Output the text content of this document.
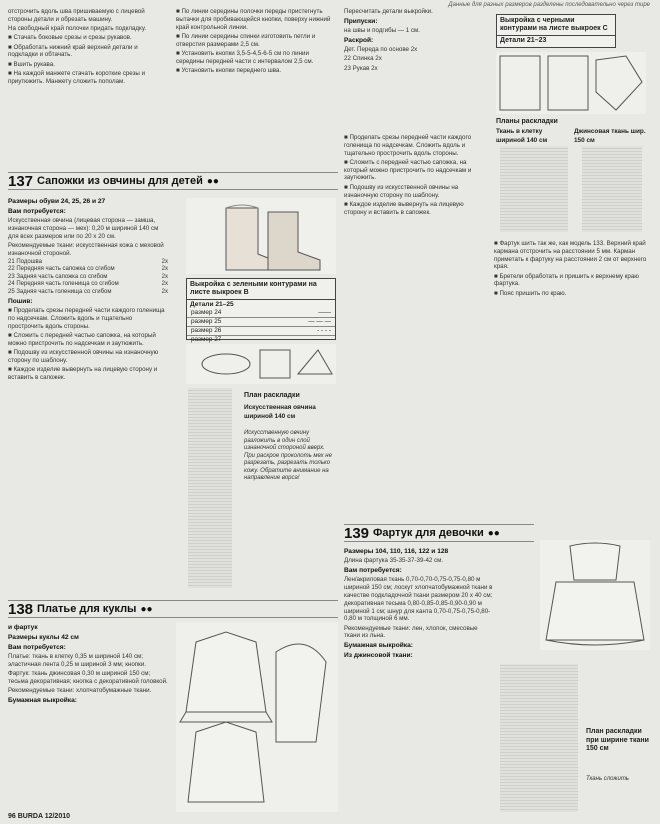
Данные для разных размеров разделены последовательно через тире

отстрочить вдоль шва пришиваемую с лицевой стороны детали и обрезать машину.

На свободный край полочки придать подкладку.

■ Стачать боковые срезы и срезы рукавов.

■ Обработать нижний край верхней детали и подкладки и обтачать.

■ Вшить рукава.

■ На каждой манжете стачать короткие срезы и приутюжить. Манжету сложить пополам.

■ По линии середины полочки переды пристегнуть вытачки для пробивающейся кнопки, поверху нижний край контрольной линии.

■ По линии середины спинки изготовить петли и отверстия размерами 2,5 см.

■ Установить кнопки 3,5-5-4,5-6-5 см по линии середины передней части с интервалом 2,5 см.

■ Установить кнопки переднего шва.

Пересчитать детали выкройки.

Припуски:

на швы и подгибы — 1 см.

Раскрой:

Дет. Переда по основе 2х

22 Спинка 2х

23 Рукав 2х

Выкройка с черными контурами на листе выкроек С
Детали 21–23
Планы раскладки
Ткань в клетку шириной 140 см
Джинсовая ткань шир. 150 см
137 Сапожки из овчины для детей ●●

Размеры обуви 24, 25, 26 и 27

Вам потребуется:

Искусственная овчина (лицевая сторона — замша, изнаночная сторона — мех): 0,20 м шириной 140 см для всех размеров или по 20 х 20 см.

Рекомендуемые ткани: искусственная кожа с меховой изнаночной стороной.

21 Подошва	2х
22 Передняя часть сапожка со сгибом	2х
23 Задняя часть сапожка со сгибом	2х
24 Передняя часть голенища со сгибом	2х
25 Задняя часть голенища со сгибом	2х

Пошив:

■ Проделать срезы передней части каждого голенища по надсечкам. Сложить вдоль и тщательно прострочить вдоль стороны.

■ Сложить с передней частью сапожка, на который можно пристрочить по надсечкам и заутюжить.

■ Подошву из искусственной овчины на изнаночную сторону по шаблону.

■ Каждое изделие вывернуть на лицевую сторону и вставить в сапожек.

Выкройка с зелеными контурами на листе выкроек В
Детали 21–25
размер 24	——
размер 25	— — —
размер 26	- - - -
размер 27	·········
План раскладки
Искусственная овчина шириной 140 см
Искусственную овчину разложить в один слой изнаночной стороной вверх. При раскрое проколоть мех не разрезать, разрезать только кожу. Обратите внимание на направление ворса!
138 Платье для куклы ●●

и фартук

Размеры куклы 42 см

Вам потребуется:

Платье: ткань в клетку 0,35 м шириной 140 см; эластичная лента 0,25 м шириной 3 мм; кнопки.

Фартук: ткань джинсовая 0,30 м шириной 150 см; тесьма декоративная; кнопка с декоративной головкой.

Рекомендуемые ткани: хлопчатобумажные ткани.

Бумажная выкройка:

■ Проделать срезы передней части каждого голенища по надсечкам. Сложить вдоль и тщательно прострочить вдоль стороны.

■ Сложить с передней частью сапожка, на который можно пристрочить по надсечкам и заутюжить.

■ Подошву из искусственной овчины на изнаночную сторону по шаблону.

■ Каждое изделие вывернуть на лицевую сторону и вставить в сапожек.

■ Фартук шить так же, как модель 133. Верхний край кармана отстрочить на расстоянии 5 мм. Карман приметать к фартуку на расстоянии 2 см от верхнего края.

■ Бретели обработать и пришить к верхнему краю фартука.

■ Пояс пришить по краю.

139 Фартук для девочки ●●

Размеры 104, 110, 116, 122 и 128

Длина фартука 35-35-37-39-42 см.

Вам потребуется:

Лен/акриловая ткань 0,70-0,70-0,75-0,75-0,80 м шириной 150 см; лоскут хлопчатобумажной ткани в качестве подкладочной ткани размером 20 х 40 см; декоративная тесьма 0,80-0,85-0,85-0,90-0,90 м шириной 1 см; шнур для канта 0,70-0,75-0,75-0,80-0,80 м толщиной 6 мм.

Рекомендуемые ткани: лен, хлопок, смесовые ткани из льна.

Бумажная выкройка:

Из джинсовой ткани:

План раскладки при ширине ткани 150 см
Ткань сложить
96 BURDA 12/2010
